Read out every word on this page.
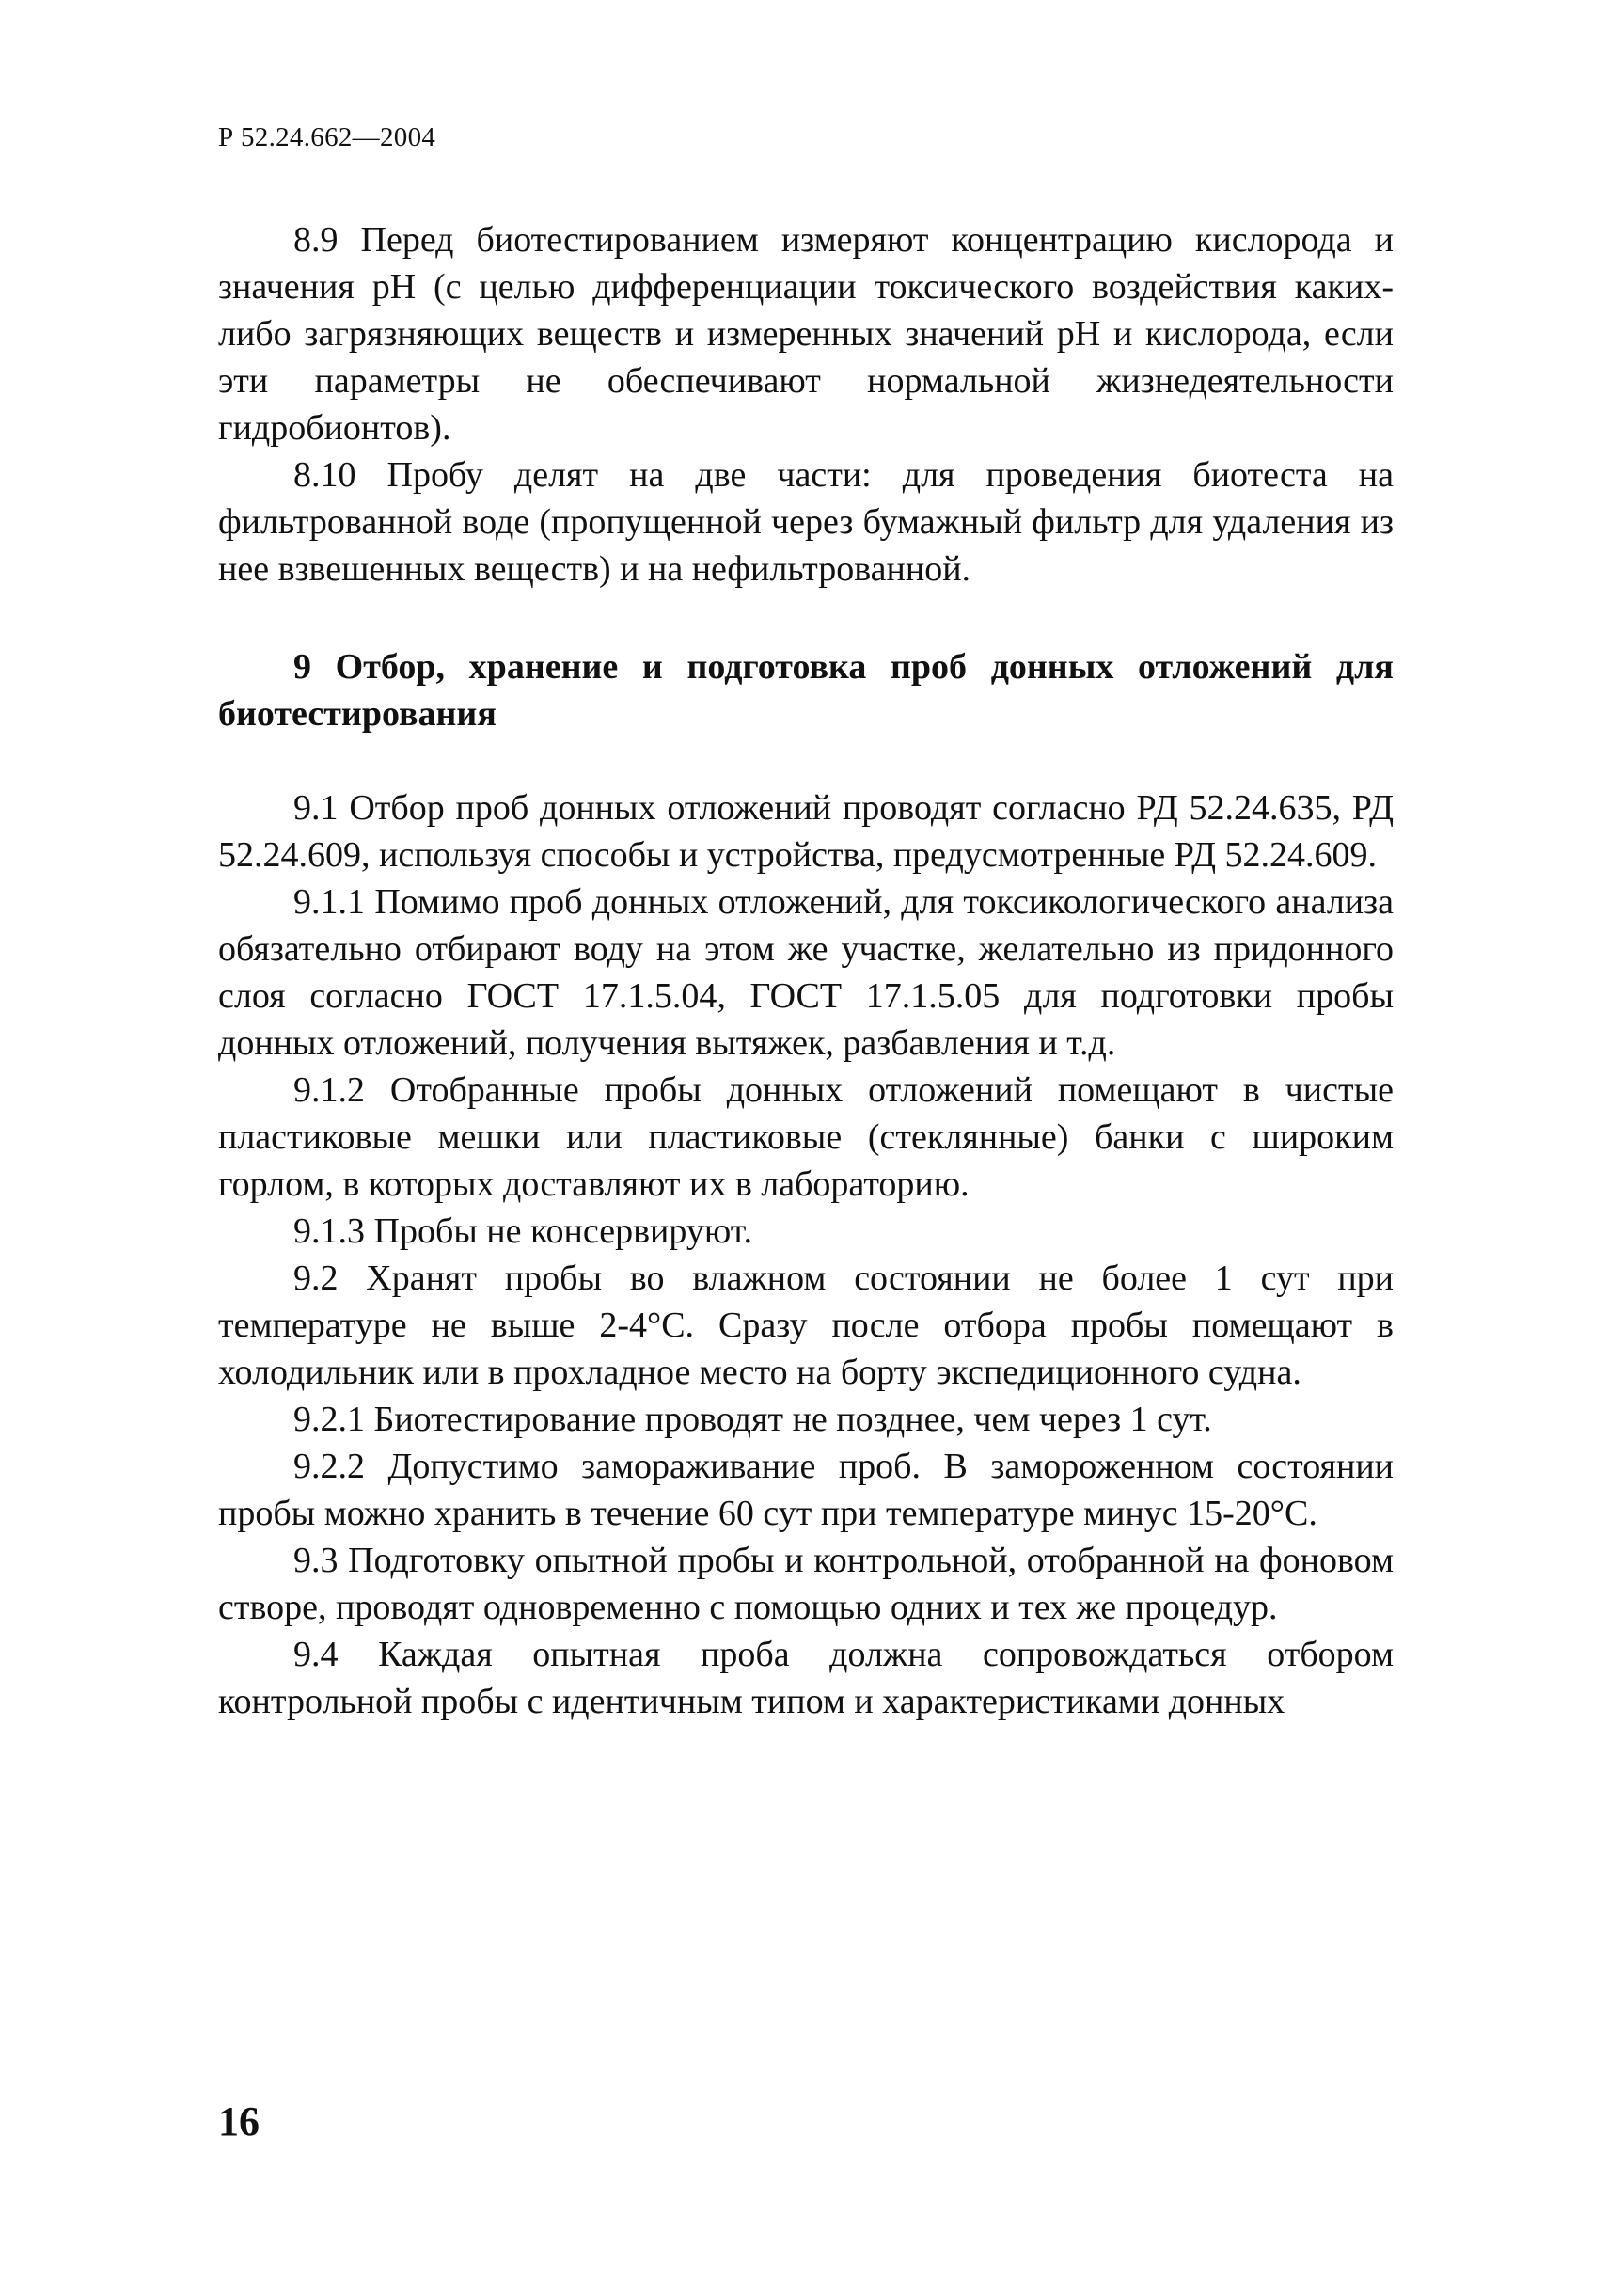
Р 52.24.662—2004

8.9 Перед биотестированием измеряют концентрацию кислорода и значения рН (с целью дифференциации токсического воздействия каких-либо загрязняющих веществ и измеренных значений рН и кислорода, если эти параметры не обеспечивают нормальной жизнедеятельности гидробионтов).

8.10 Пробу делят на две части: для проведения биотеста на фильтрованной воде (пропущенной через бумажный фильтр для удаления из нее взвешенных веществ) и на нефильтрованной.

9 Отбор, хранение и подготовка проб донных отложений для биотестирования

9.1 Отбор проб донных отложений проводят согласно РД 52.24.635, РД 52.24.609, используя способы и устройства, предусмотренные РД 52.24.609.

9.1.1 Помимо проб донных отложений, для токсикологического анализа обязательно отбирают воду на этом же участке, желательно из придонного слоя согласно ГОСТ 17.1.5.04, ГОСТ 17.1.5.05 для подготовки пробы донных отложений, получения вытяжек, разбавления и т.д.

9.1.2 Отобранные пробы донных отложений помещают в чистые пластиковые мешки или пластиковые (стеклянные) банки с широким горлом, в которых доставляют их в лабораторию.

9.1.3 Пробы не консервируют.

9.2 Хранят пробы во влажном состоянии не более 1 сут при температуре не выше 2-4°С. Сразу после отбора пробы помещают в холодильник или в прохладное место на борту экспедиционного судна.

9.2.1 Биотестирование проводят не позднее, чем через 1 сут.

9.2.2 Допустимо замораживание проб. В замороженном состоянии пробы можно хранить в течение 60 сут при температуре минус 15-20°С.

9.3 Подготовку опытной пробы и контрольной, отобранной на фоновом створе, проводят одновременно с помощью одних и тех же процедур.

9.4 Каждая опытная проба должна сопровождаться отбором контрольной пробы с идентичным типом и характеристиками донных

16
